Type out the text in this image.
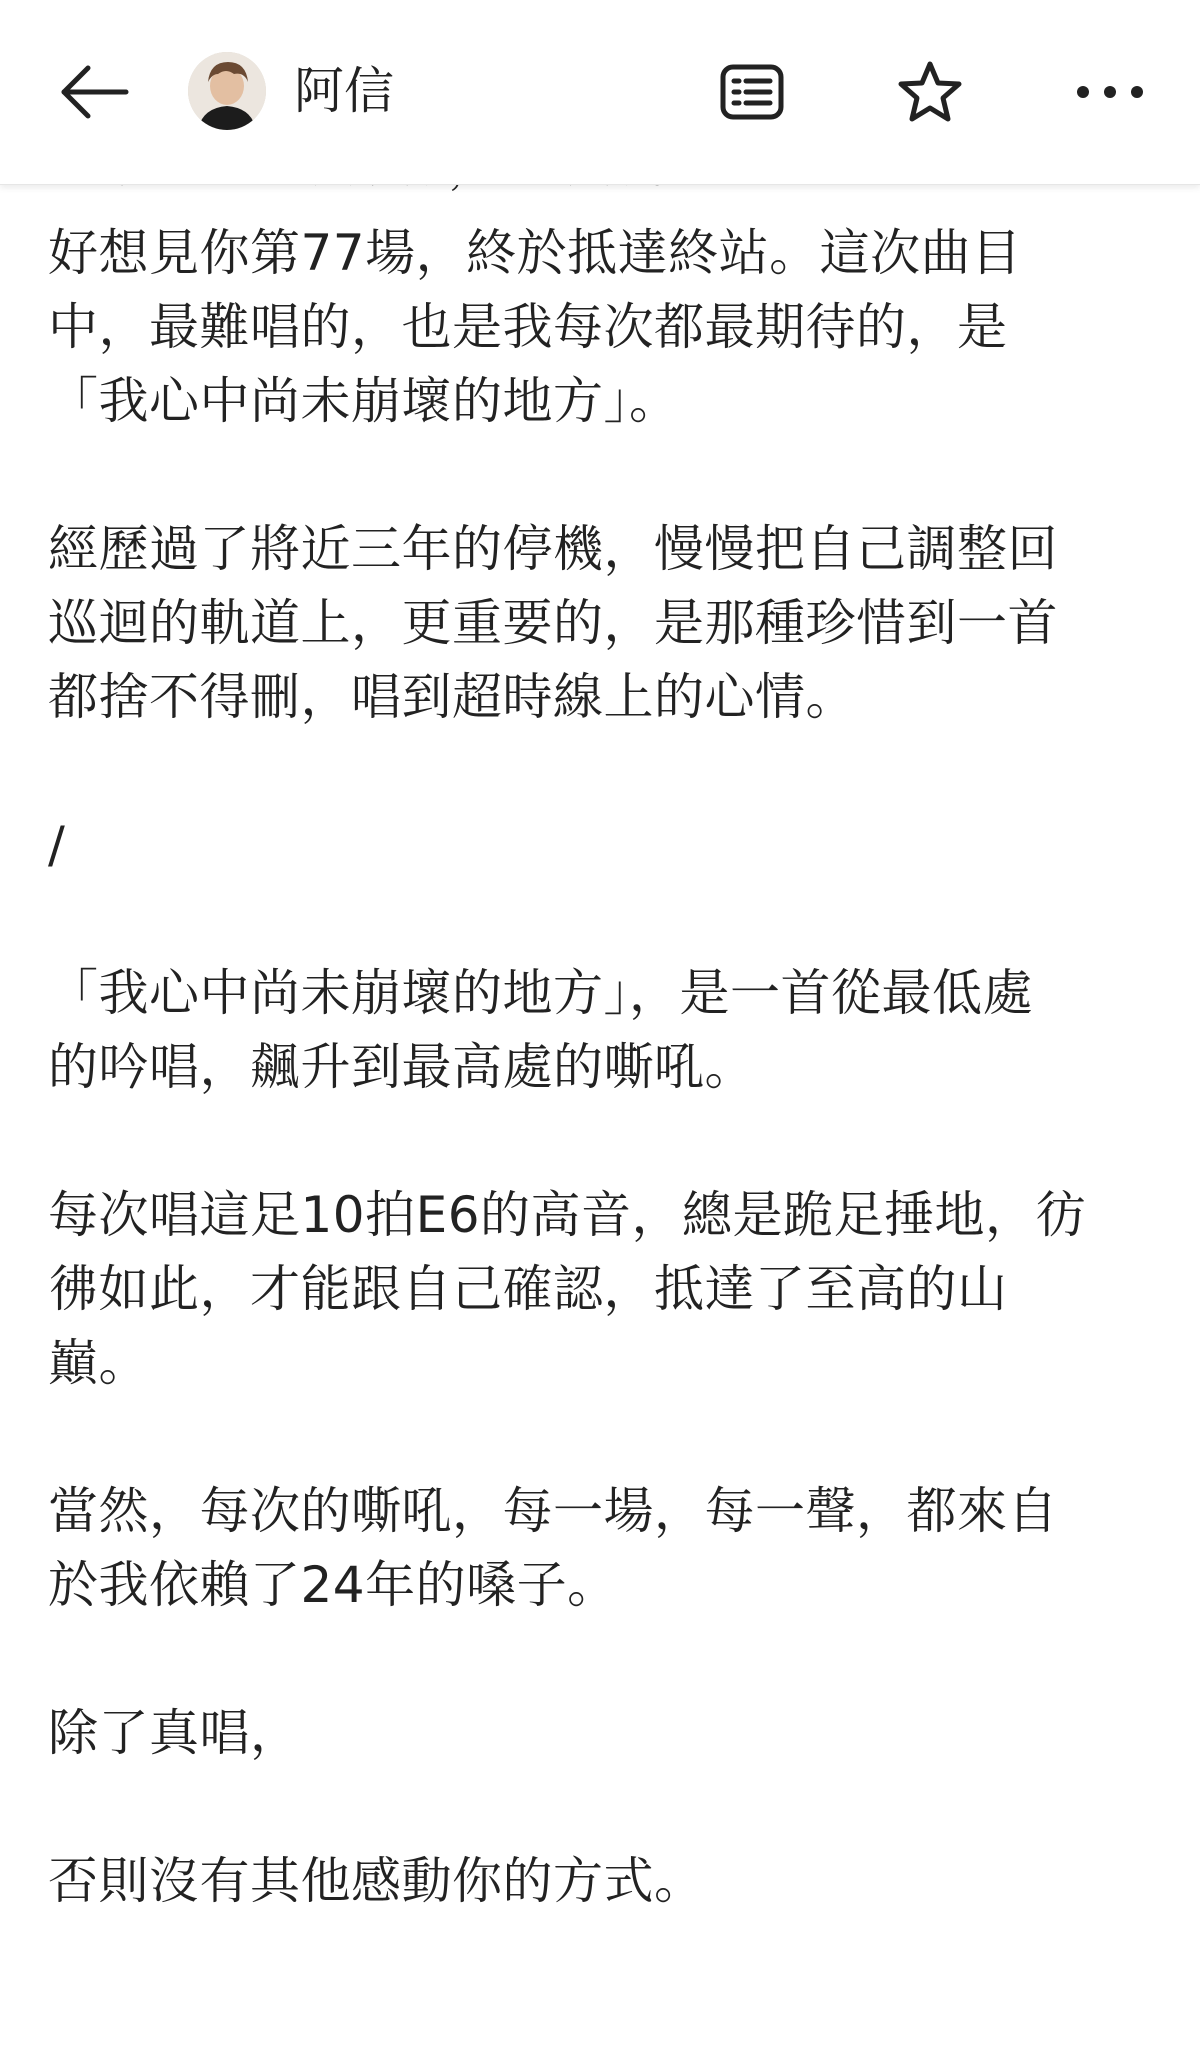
阿信
好想見你第77場，終於抵達終站。這次曲目
中，最難唱的，也是我每次都最期待的，是
「我心中尚未崩壞的地方」。
經歷過了將近三年的停機，慢慢把自己調整回
巡迴的軌道上，更重要的，是那種珍惜到一首
都捨不得刪，唱到超時線上的心情。
/
「我心中尚未崩壞的地方」，是一首從最低處
的吟唱，飆升到最高處的嘶吼。
每次唱這足10拍E6的高音，總是跪足捶地，彷
彿如此，才能跟自己確認，抵達了至高的山
巔。
當然，每次的嘶吼，每一場，每一聲，都來自
於我依賴了24年的嗓子。
除了真唱，
否則沒有其他感動你的方式。
